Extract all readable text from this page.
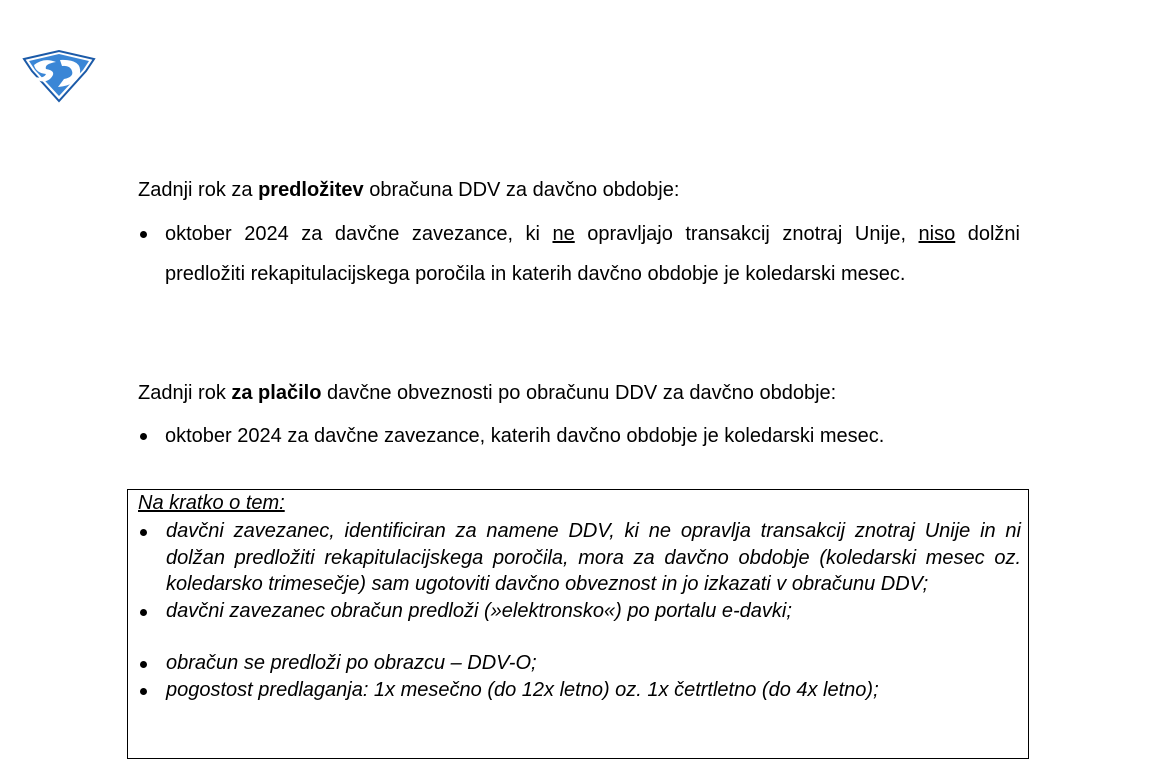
Zadnji rok za predložitev obračuna DDV za davčno obdobje:

oktober 2024 za davčne zavezance, ki ne opravljajo transakcij znotraj Unije, niso dolžni predložiti rekapitulacijskega poročila in katerih davčno obdobje je koledarski mesec.

Zadnji rok za plačilo davčne obveznosti po obračunu DDV za davčno obdobje:

oktober 2024 za davčne zavezance, katerih davčno obdobje je koledarski mesec.
Na kratko o tem:
davčni zavezanec, identificiran za namene DDV, ki ne opravlja transakcij znotraj Unije in ni dolžan predložiti rekapitulacijskega poročila, mora za davčno obdobje (koledarski mesec oz. koledarsko trimesečje) sam ugotoviti davčno obveznost in jo izkazati v obračunu DDV;
davčni zavezanec obračun predloži (»elektronsko«) po portalu e-davki;
obračun se predloži po obrazcu – DDV-O;
pogostost predlaganja: 1x mesečno (do 12x letno) oz. 1x četrtletno (do 4x letno);
